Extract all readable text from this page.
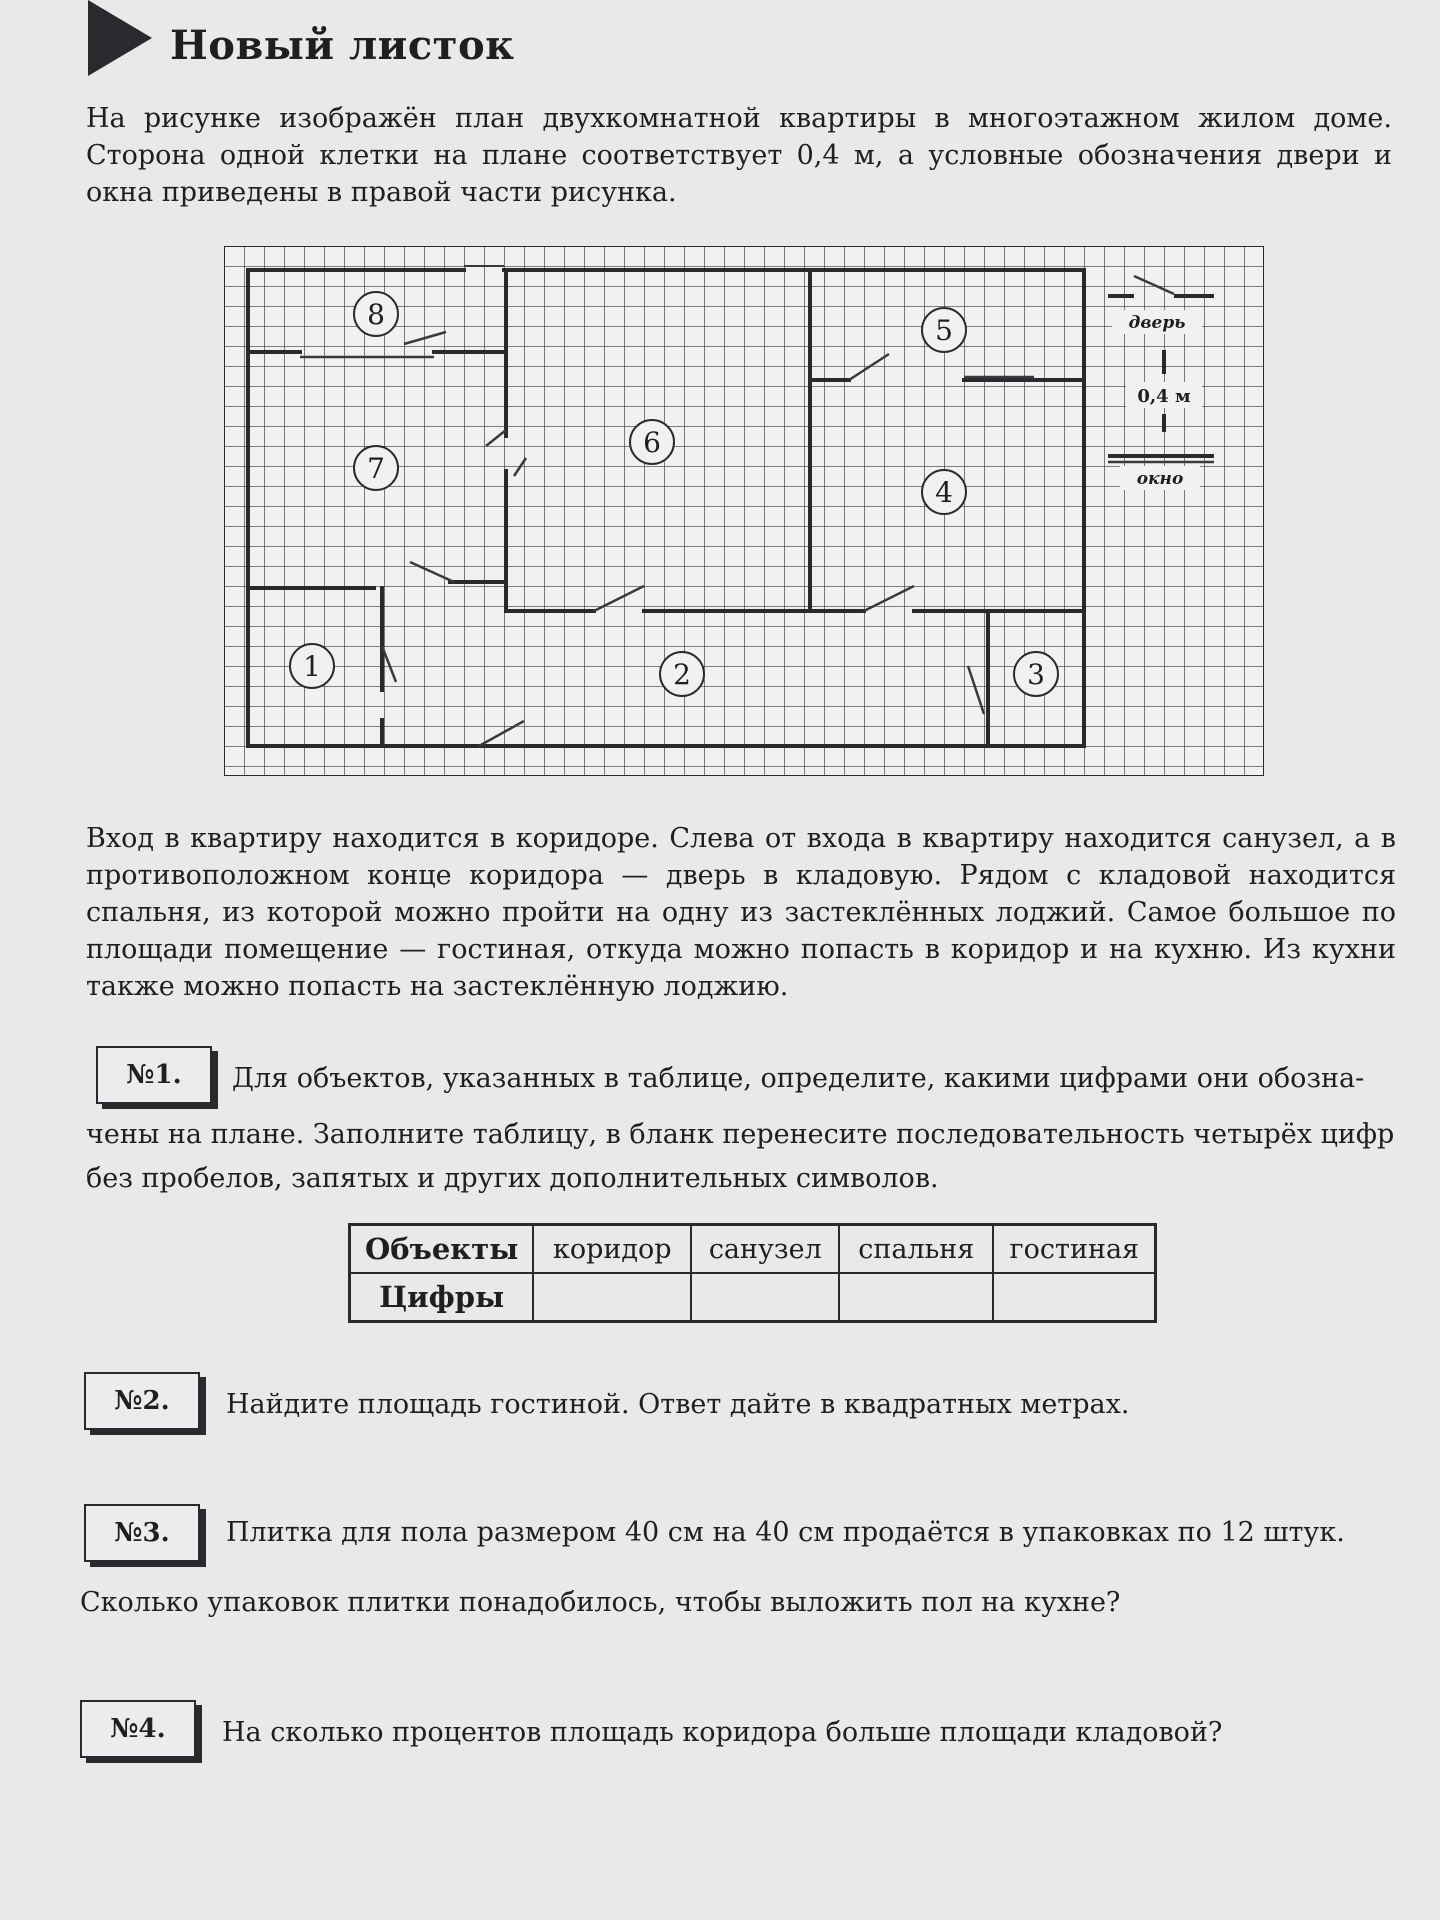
Новый листок

На рисунке изображён план двухкомнатной квартиры в многоэтажном жилом доме. Сторона одной клетки на плане соответствует 0,4 м, а условные обозначения двери и окна приведены в правой части рисунка.

дверь
0,4 м
окно
1	2	3
4
5
6
7
8

Вход в квартиру находится в коридоре. Слева от входа в квартиру находится санузел, а в противоположном конце коридора — дверь в кладовую. Рядом с кладовой находится спальня, из которой можно пройти на одну из застеклённых лоджий. Самое большое по площади помещение — гостиная, откуда можно попасть в коридор и на кухню. Из кухни также можно попасть на застеклённую лоджию.

№1.	Для объектов, указанных в таблице, определите, какими цифрами они обозна-

чены на плане. Заполните таблицу, в бланк перенесите последовательность четырёх цифр

без пробелов, запятых и других дополнительных символов.

Объекты	коридор	санузел	спальня	гостиная
Цифры				
№2.	Найдите площадь гостиной. Ответ дайте в квадратных метрах.

№3.	Плитка для пола размером 40 см на 40 см продаётся в упаковках по 12 штук.

Сколько упаковок плитки понадобилось, чтобы выложить пол на кухне?

№4.	На сколько процентов площадь коридора больше площади кладовой?
